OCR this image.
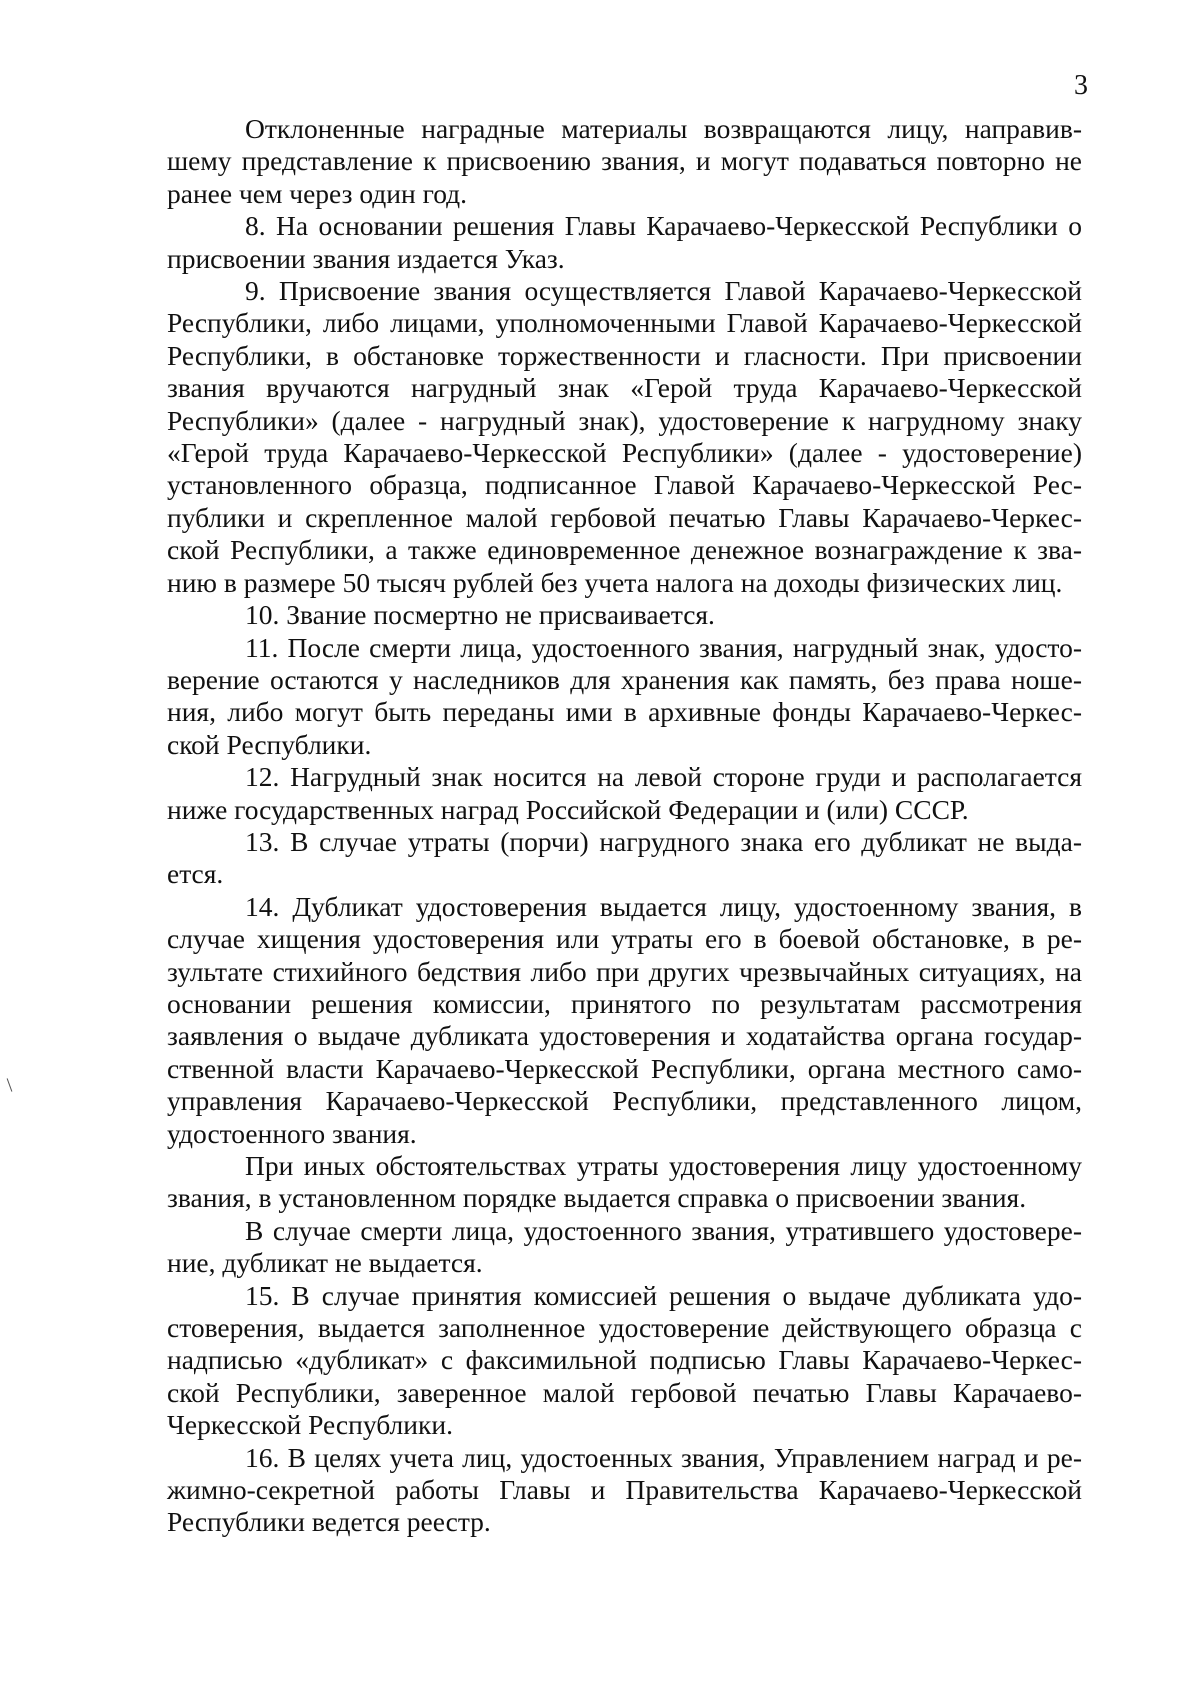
3

Отклоненные наградные материалы возвращаются лицу, направившему представление к присвоению звания, и могут подаваться повторно не ранее чем через один год.

8. На основании решения Главы Карачаево-Черкесской Республики о присвоении звания издается Указ.

9. Присвоение звания осуществляется Главой Карачаево-Черкесской Республики, либо лицами, уполномоченными Главой Карачаево-Черкесской Республики, в обстановке торжественности и гласности. При присвоении звания вручаются нагрудный знак «Герой труда Карачаево-Черкесской Республики» (далее - нагрудный знак), удостоверение к нагрудному знаку «Герой труда Карачаево-Черкесской Республики» (далее - удостоверение) установленного образца, подписанное Главой Карачаево-Черкесской Республики и скрепленное малой гербовой печатью Главы Карачаево-Черкесской Республики, а также единовременное денежное вознаграждение к званию в размере 50 тысяч рублей без учета налога на доходы физических лиц.

10. Звание посмертно не присваивается.

11. После смерти лица, удостоенного звания, нагрудный знак, удостоверение остаются у наследников для хранения как память, без права ношения, либо могут быть переданы ими в архивные фонды Карачаево-Черкесской Республики.

12. Нагрудный знак носится на левой стороне груди и располагается ниже государственных наград Российской Федерации и (или) СССР.

13. В случае утраты (порчи) нагрудного знака его дубликат не выдается.

14. Дубликат удостоверения выдается лицу, удостоенному звания, в случае хищения удостоверения или утраты его в боевой обстановке, в результате стихийного бедствия либо при других чрезвычайных ситуациях, на основании решения комиссии, принятого по результатам рассмотрения заявления о выдаче дубликата удостоверения и ходатайства органа государственной власти Карачаево-Черкесской Республики, органа местного самоуправления Карачаево-Черкесской Республики, представленного лицом, удостоенного звания.

При иных обстоятельствах утраты удостоверения лицу удостоенному звания, в установленном порядке выдается справка о присвоении звания.

В случае смерти лица, удостоенного звания, утратившего удостоверение, дубликат не выдается.

15. В случае принятия комиссией решения о выдаче дубликата удостоверения, выдается заполненное удостоверение действующего образца с надписью «дубликат» с факсимильной подписью Главы Карачаево-Черкесской Республики, заверенное малой гербовой печатью Главы Карачаево-Черкесской Республики.

16. В целях учета лиц, удостоенных звания, Управлением наград и режимно-секретной работы Главы и Правительства Карачаево-Черкесской Республики ведется реестр.
